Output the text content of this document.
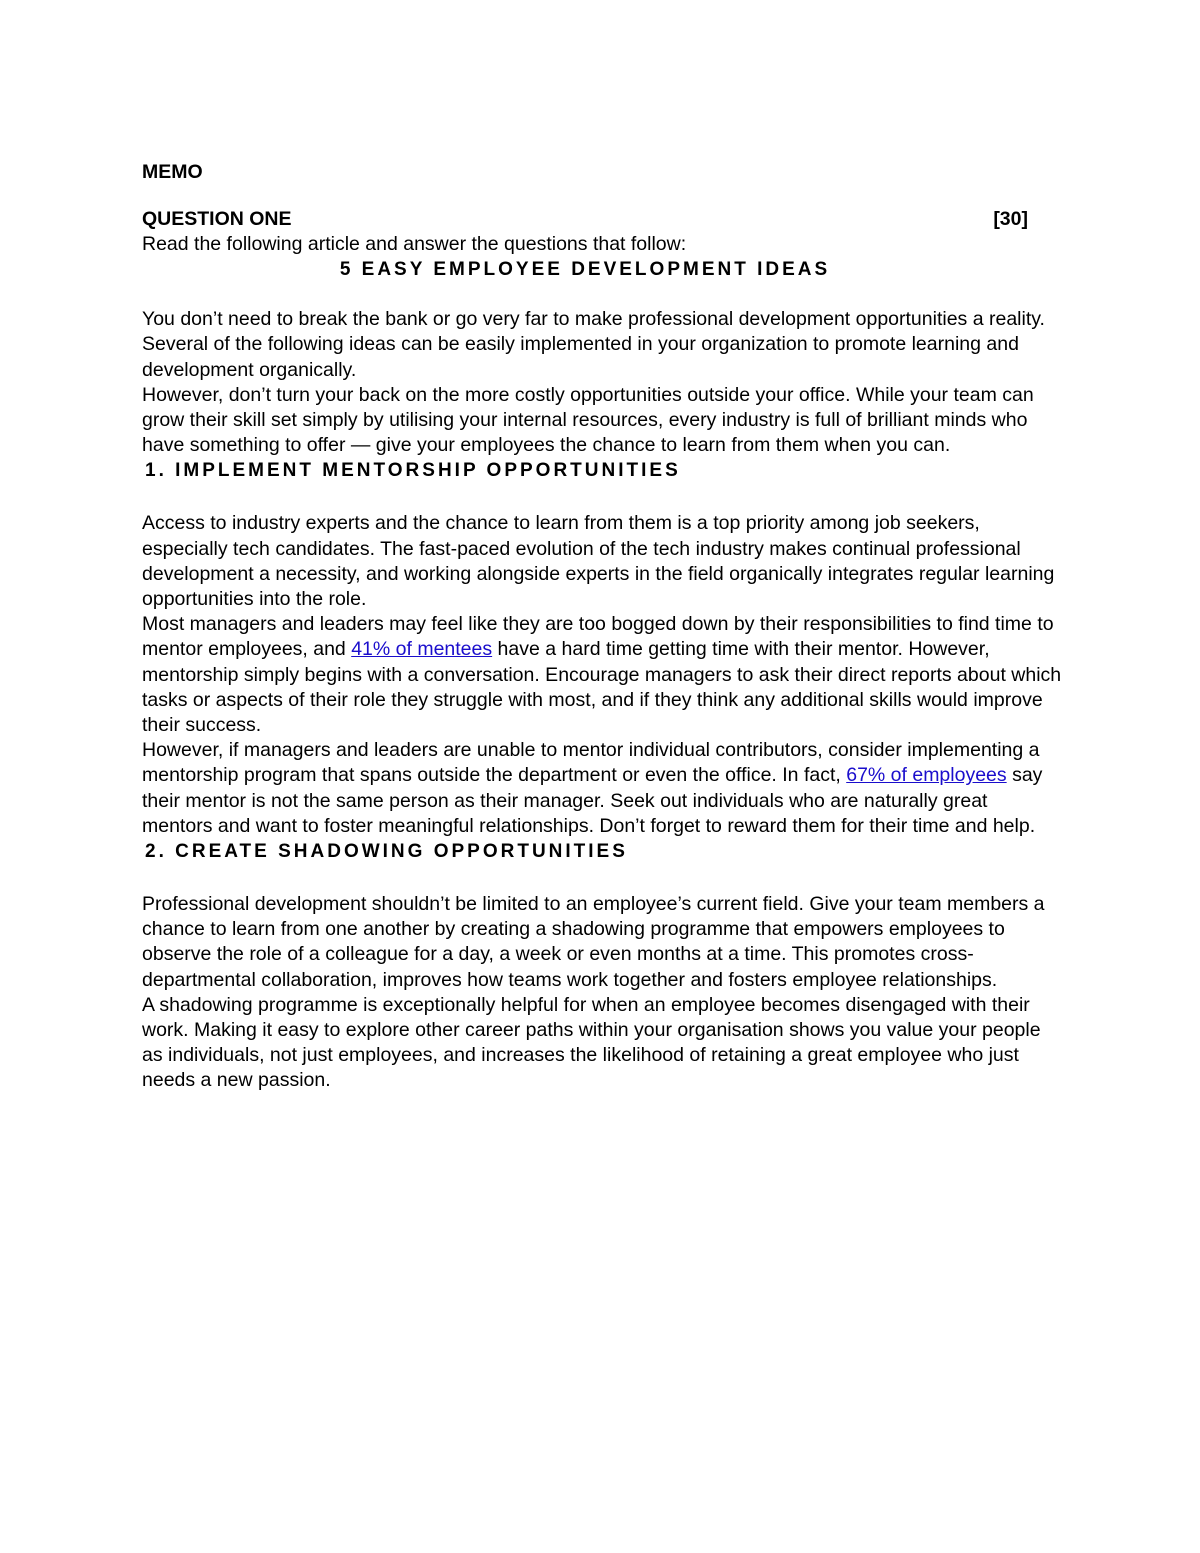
MEMO

QUESTION ONE	[30]

Read the following article and answer the questions that follow:

5 EASY EMPLOYEE DEVELOPMENT IDEAS

You don’t need to break the bank or go very far to make professional development opportunities a reality. Several of the following ideas can be easily implemented in your organization to promote learning and development organically.

However, don’t turn your back on the more costly opportunities outside your office. While your team can grow their skill set simply by utilising your internal resources, every industry is full of brilliant minds who have something to offer — give your employees the chance to learn from them when you can.

1. IMPLEMENT MENTORSHIP OPPORTUNITIES

Access to industry experts and the chance to learn from them is a top priority among job seekers, especially tech candidates. The fast-paced evolution of the tech industry makes continual professional development a necessity, and working alongside experts in the field organically integrates regular learning opportunities into the role.

Most managers and leaders may feel like they are too bogged down by their responsibilities to find time to mentor employees, and 41% of mentees have a hard time getting time with their mentor. However, mentorship simply begins with a conversation. Encourage managers to ask their direct reports about which tasks or aspects of their role they struggle with most, and if they think any additional skills would improve their success.

However, if managers and leaders are unable to mentor individual contributors, consider implementing a mentorship program that spans outside the department or even the office. In fact, 67% of employees say their mentor is not the same person as their manager. Seek out individuals who are naturally great mentors and want to foster meaningful relationships. Don’t forget to reward them for their time and help.

2. CREATE SHADOWING OPPORTUNITIES

Professional development shouldn’t be limited to an employee’s current field. Give your team members a chance to learn from one another by creating a shadowing programme that empowers employees to observe the role of a colleague for a day, a week or even months at a time. This promotes cross-departmental collaboration, improves how teams work together and fosters employee relationships.

A shadowing programme is exceptionally helpful for when an employee becomes disengaged with their work. Making it easy to explore other career paths within your organisation shows you value your people as individuals, not just employees, and increases the likelihood of retaining a great employee who just needs a new passion.
